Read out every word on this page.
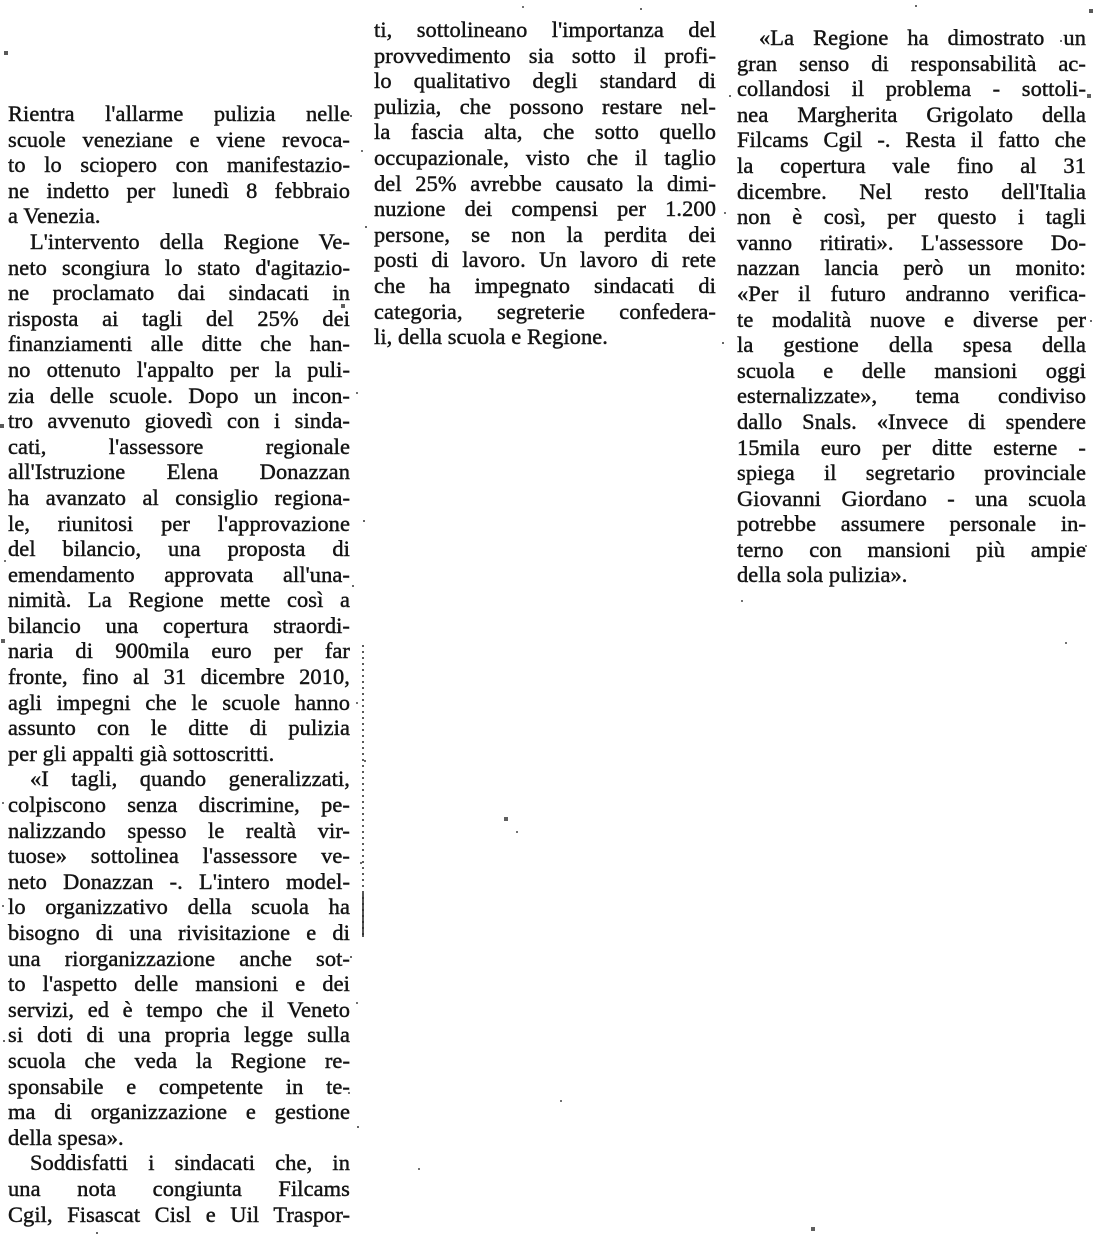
Rientra l'allarme pulizia nelle
scuole veneziane e viene revoca-
to lo sciopero con manifestazio-
ne indetto per lunedì 8 febbraio
a Venezia.
L'intervento della Regione Ve-
neto scongiura lo stato d'agitazio-
ne proclamato dai sindacati in
risposta ai tagli del 25% dei
finanziamenti alle ditte che han-
no ottenuto l'appalto per la puli-
zia delle scuole. Dopo un incon-
tro avvenuto giovedì con i sinda-
cati, l'assessore regionale
all'Istruzione Elena Donazzan
ha avanzato al consiglio regiona-
le, riunitosi per l'approvazione
del bilancio, una proposta di
emendamento approvata all'una-
nimità. La Regione mette così a
bilancio una copertura straordi-
naria di 900mila euro per far
fronte, fino al 31 dicembre 2010,
agli impegni che le scuole hanno
assunto con le ditte di pulizia
per gli appalti già sottoscritti.
«I tagli, quando generalizzati,
colpiscono senza discrimine, pe-
nalizzando spesso le realtà vir-
tuose» sottolinea l'assessore ve-
neto Donazzan -. L'intero model-
lo organizzativo della scuola ha
bisogno di una rivisitazione e di
una riorganizzazione anche sot-
to l'aspetto delle mansioni e dei
servizi, ed è tempo che il Veneto
si doti di una propria legge sulla
scuola che veda la Regione re-
sponsabile e competente in te-
ma di organizzazione e gestione
della spesa».
Soddisfatti i sindacati che, in
una nota congiunta Filcams
Cgil, Fisascat Cisl e Uil Traspor-
ti, sottolineano l'importanza del
provvedimento sia sotto il profi-
lo qualitativo degli standard di
pulizia, che possono restare nel-
la fascia alta, che sotto quello
occupazionale, visto che il taglio
del 25% avrebbe causato la dimi-
nuzione dei compensi per 1.200
persone, se non la perdita dei
posti di lavoro. Un lavoro di rete
che ha impegnato sindacati di
categoria, segreterie confedera-
li, della scuola e Regione.
«La Regione ha dimostrato un
gran senso di responsabilità ac-
collandosi il problema - sottoli-
nea Margherita Grigolato della
Filcams Cgil -. Resta il fatto che
la copertura vale fino al 31
dicembre. Nel resto dell'Italia
non è così, per questo i tagli
vanno ritirati». L'assessore Do-
nazzan lancia però un monito:
«Per il futuro andranno verifica-
te modalità nuove e diverse per
la gestione della spesa della
scuola e delle mansioni oggi
esternalizzate», tema condiviso
dallo Snals. «Invece di spendere
15mila euro per ditte esterne -
spiega il segretario provinciale
Giovanni Giordano - una scuola
potrebbe assumere personale in-
terno con mansioni più ampie
della sola pulizia».
